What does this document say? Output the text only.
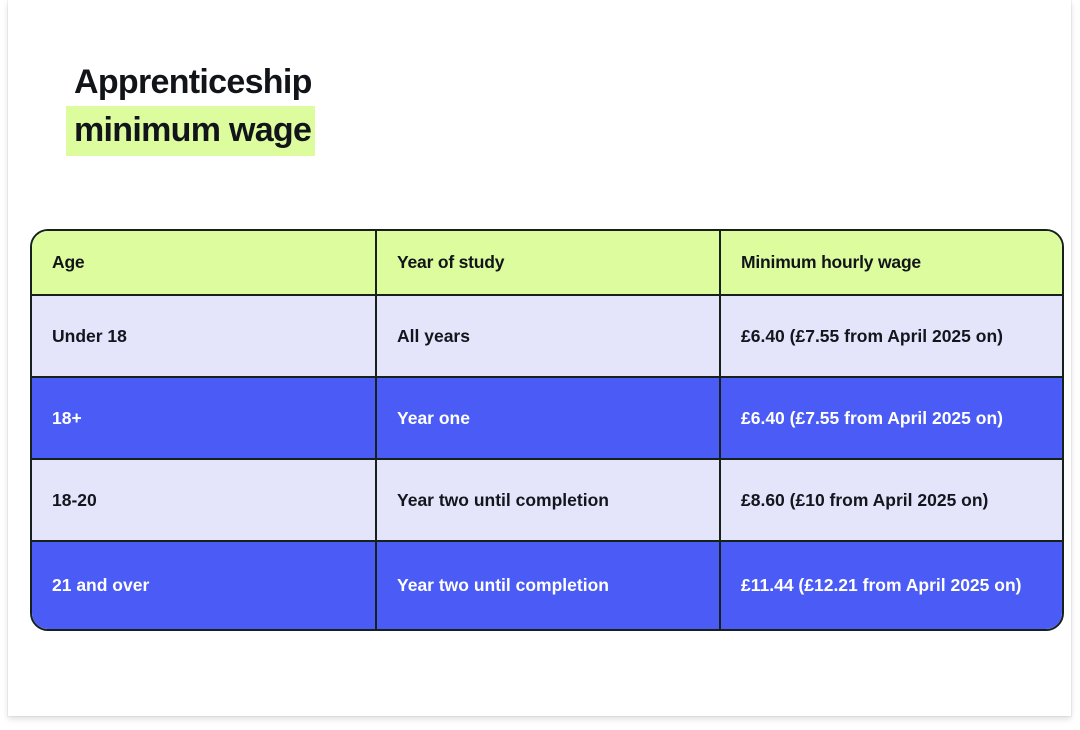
Apprenticeship
minimum wage
Age	Year of study	Minimum hourly wage
Under 18	All years	£6.40 (£7.55 from April 2025 on)
18+	Year one	£6.40 (£7.55 from April 2025 on)
18-20	Year two until completion	£8.60 (£10 from April 2025 on)
21 and over	Year two until completion	£11.44 (£12.21 from April 2025 on)
